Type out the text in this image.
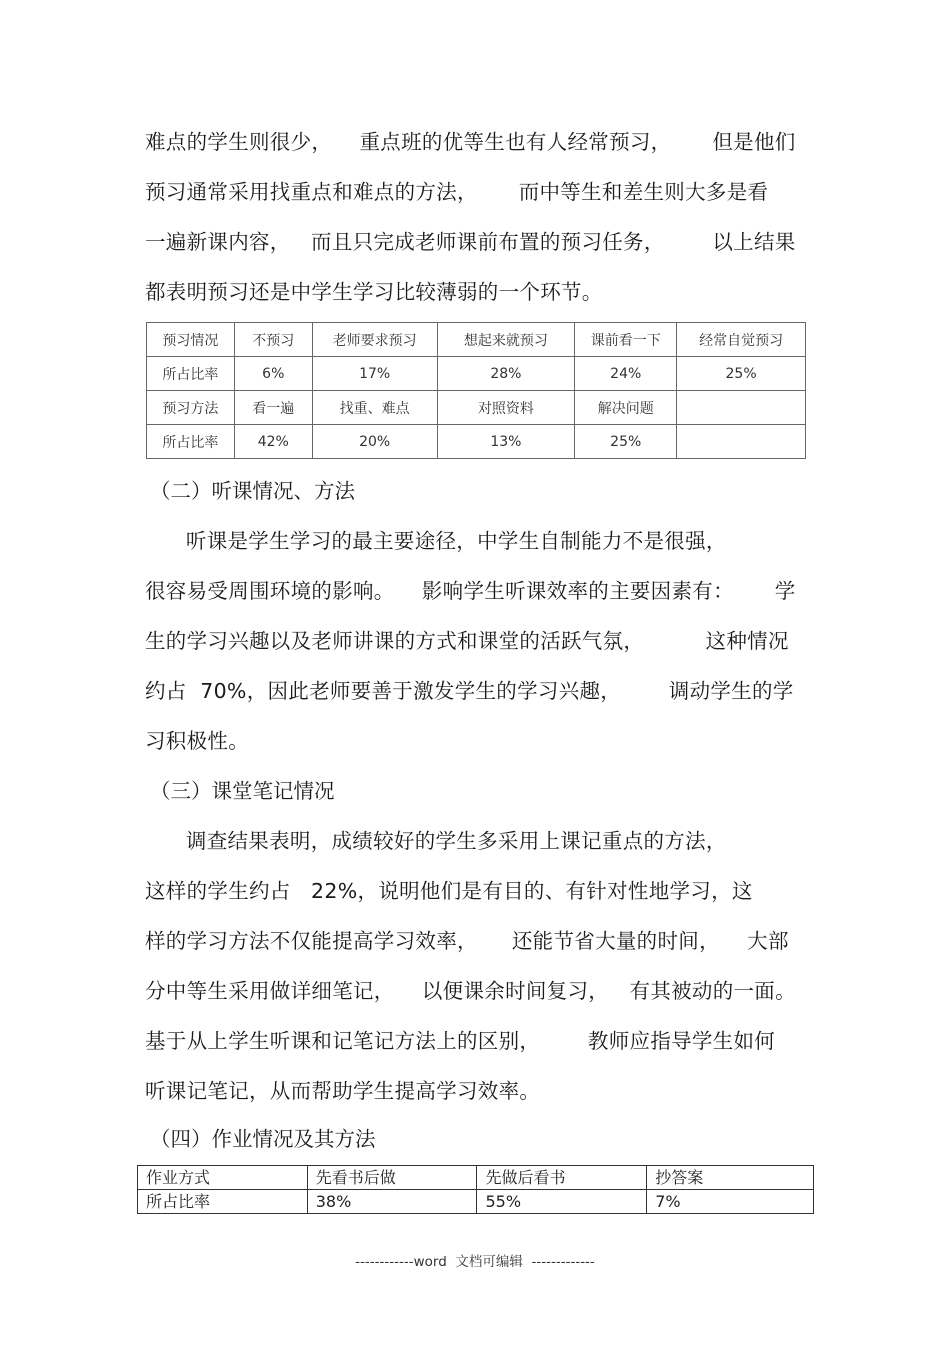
难点的学生则很少，    重点班的优等生也有人经常预习，      但是他们
预习通常采用找重点和难点的方法，      而中等生和差生则大多是看
一遍新课内容，   而且只完成老师课前布置的预习任务，       以上结果
都表明预习还是中学生学习比较薄弱的一个环节。
预习情况	不预习	老师要求预习	想起来就预习	课前看一下	经常自觉预习
所占比率	6%	17%	28%	24%	25%
预习方法	看一遍	找重、难点	对照资料	解决问题	
所占比率	42%	20%	13%	25%	
（二）听课情况、方法
听课是学生学习的最主要途径，中学生自制能力不是很强，
很容易受周围环境的影响。    影响学生听课效率的主要因素有：      学
生的学习兴趣以及老师讲课的方式和课堂的活跃气氛，         这种情况
约占  70%，因此老师要善于激发学生的学习兴趣，       调动学生的学
习积极性。
（三）课堂笔记情况
调查结果表明，成绩较好的学生多采用上课记重点的方法，
这样的学生约占   22%，说明他们是有目的、有针对性地学习，这
样的学习方法不仅能提高学习效率，     还能节省大量的时间，    大部
分中等生采用做详细笔记，    以便课余时间复习，   有其被动的一面。
基于从上学生听课和记笔记方法上的区别，       教师应指导学生如何
听课记笔记，从而帮助学生提高学习效率。
（四）作业情况及其方法
作业方式	先看书后做	先做后看书	抄答案
所占比率	38%	55%	7%
------------word  文档可编辑  -------------
